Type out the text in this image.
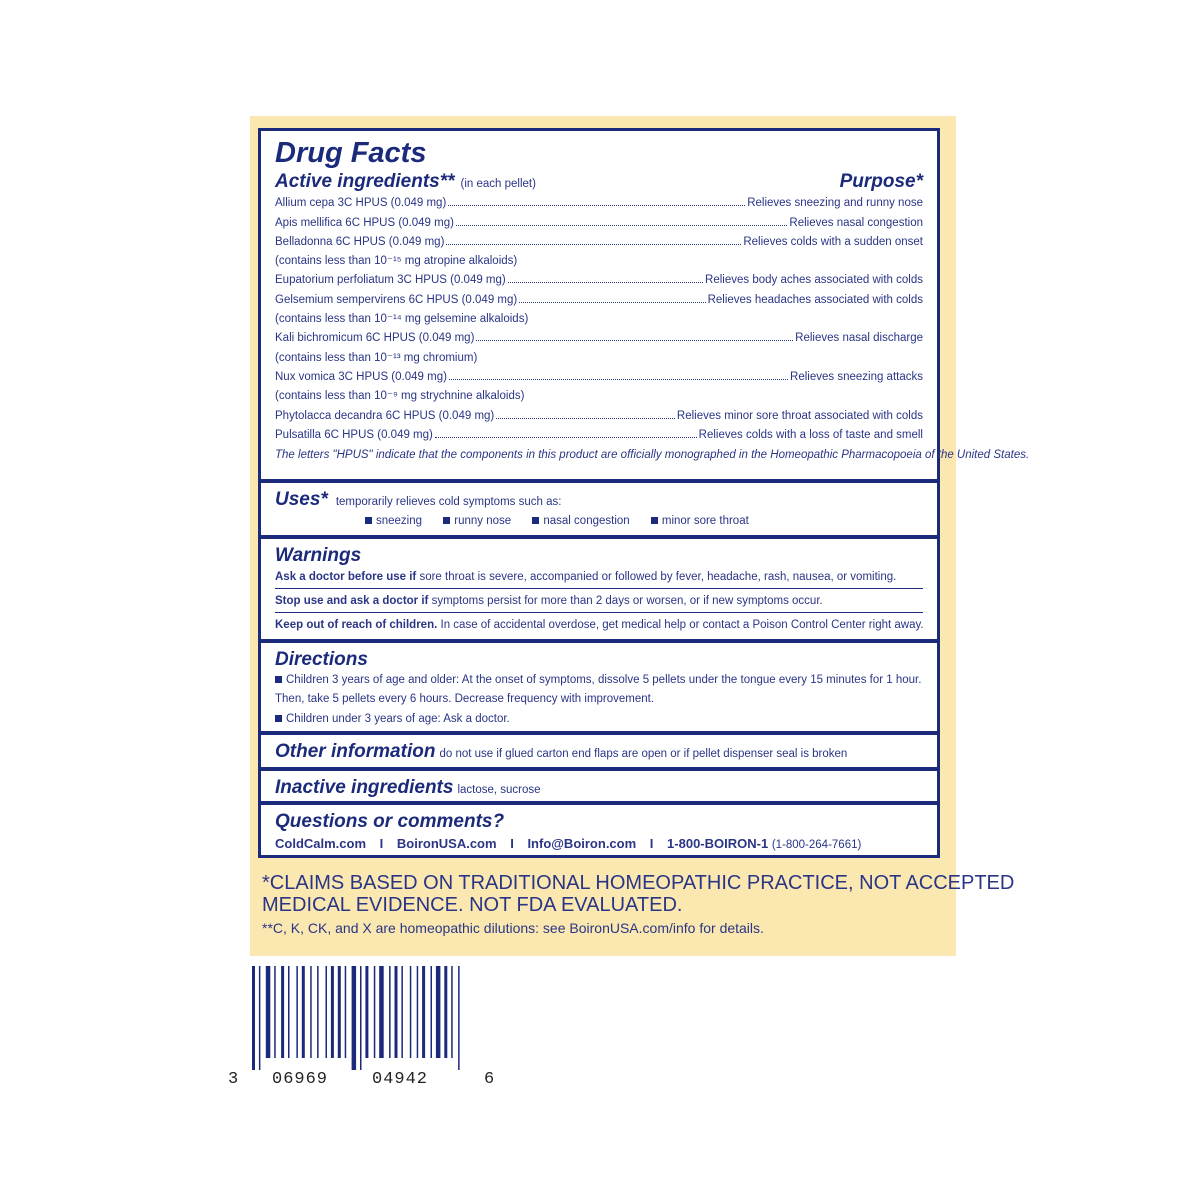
Drug Facts
Active ingredients** (in each pellet)	Purpose*
Allium cepa 3C HPUS (0.049 mg)	Relieves sneezing and runny nose
Apis mellifica 6C HPUS (0.049 mg)	Relieves nasal congestion
Belladonna 6C HPUS (0.049 mg)	Relieves colds with a sudden onset
(contains less than 10⁻¹⁵ mg atropine alkaloids)
Eupatorium perfoliatum 3C HPUS (0.049 mg)	Relieves body aches associated with colds
Gelsemium sempervirens 6C HPUS (0.049 mg)	Relieves headaches associated with colds
(contains less than 10⁻¹⁴ mg gelsemine alkaloids)
Kali bichromicum 6C HPUS (0.049 mg)	Relieves nasal discharge
(contains less than 10⁻¹³ mg chromium)
Nux vomica 3C HPUS (0.049 mg)	Relieves sneezing attacks
(contains less than 10⁻⁹ mg strychnine alkaloids)
Phytolacca decandra 6C HPUS (0.049 mg)	Relieves minor sore throat associated with colds
Pulsatilla 6C HPUS (0.049 mg)	Relieves colds with a loss of taste and smell
The letters "HPUS" indicate that the components in this product are officially monographed in the Homeopathic Pharmacopoeia of the United States.
Uses* temporarily relieves cold symptoms such as:
sneezing	runny nose	nasal congestion	minor sore throat
Warnings
Ask a doctor before use if sore throat is severe, accompanied or followed by fever, headache, rash, nausea, or vomiting.
Stop use and ask a doctor if symptoms persist for more than 2 days or worsen, or if new symptoms occur.
Keep out of reach of children. In case of accidental overdose, get medical help or contact a Poison Control Center right away.
Directions
Children 3 years of age and older: At the onset of symptoms, dissolve 5 pellets under the tongue every 15 minutes for 1 hour.
Then, take 5 pellets every 6 hours. Decrease frequency with improvement.
Children under 3 years of age: Ask a doctor.
Other information do not use if glued carton end flaps are open or if pellet dispenser seal is broken
Inactive ingredients lactose, sucrose
Questions or comments?
ColdCalm.com I BoironUSA.com I Info@Boiron.com I 1-800-BOIRON-1 (1-800-264-7661)
*CLAIMS BASED ON TRADITIONAL HOMEOPATHIC PRACTICE, NOT ACCEPTED
MEDICAL EVIDENCE. NOT FDA EVALUATED.
**C, K, CK, and X are homeopathic dilutions: see BoironUSA.com/info for details.
3 06969	04942	6
